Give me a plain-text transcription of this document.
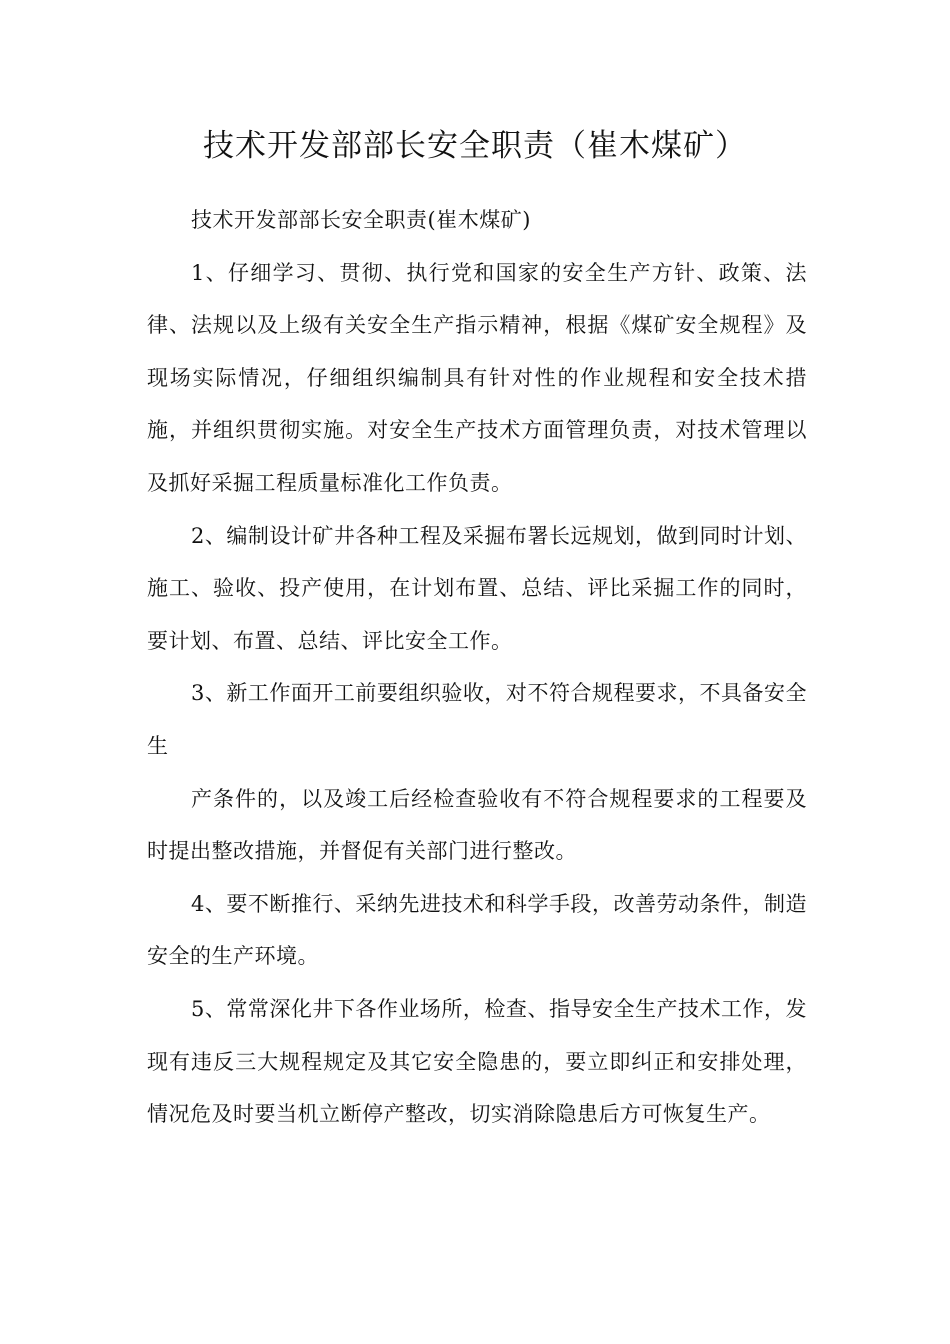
技术开发部部长安全职责（崔木煤矿）

技术开发部部长安全职责(崔木煤矿)

1、仔细学习、贯彻、执行党和国家的安全生产方针、政策、法律、法规以及上级有关安全生产指示精神，根据《煤矿安全规程》及现场实际情况，仔细组织编制具有针对性的作业规程和安全技术措施，并组织贯彻实施。对安全生产技术方面管理负责，对技术管理以及抓好采掘工程质量标准化工作负责。

2、编制设计矿井各种工程及采掘布署长远规划，做到同时计划、施工、验收、投产使用，在计划布置、总结、评比采掘工作的同时，要计划、布置、总结、评比安全工作。

3、新工作面开工前要组织验收，对不符合规程要求，不具备安全生

产条件的，以及竣工后经检查验收有不符合规程要求的工程要及时提出整改措施，并督促有关部门进行整改。

4、要不断推行、采纳先进技术和科学手段，改善劳动条件，制造安全的生产环境。

5、常常深化井下各作业场所，检查、指导安全生产技术工作，发现有违反三大规程规定及其它安全隐患的，要立即纠正和安排处理，情况危及时要当机立断停产整改，切实消除隐患后方可恢复生产。
